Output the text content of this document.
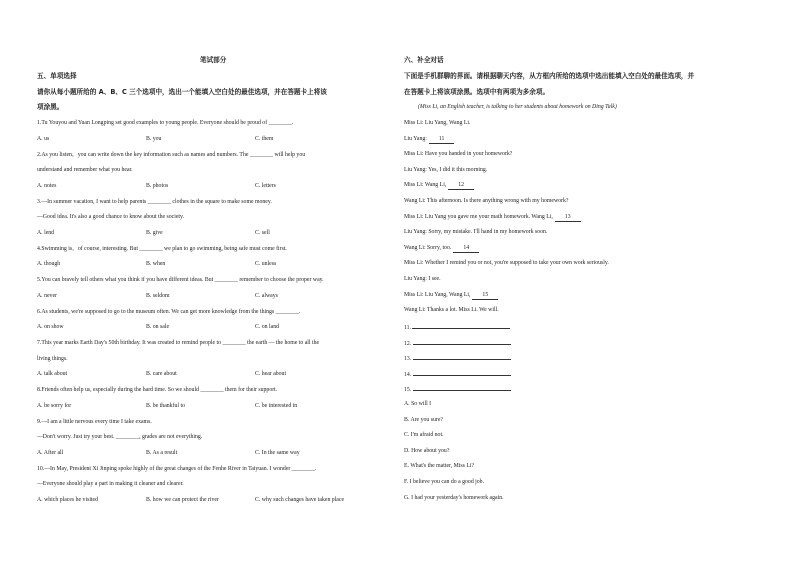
笔试部分
五、单项选择
请你从每小题所给的 A、B、C 三个选项中，选出一个能填入空白处的最佳选项，并在答题卡上将该
项涂黑。
1.Tu Youyou and Yuan Longping set good examples to young people. Everyone should be proud of ________.
A. us	B. you	C. them
2.As you listen，you can write down the key information such as names and numbers. The ________ will help you
understand and remember what you hear.
A. notes	B. photos	C. letters
3.—In summer vacation, I want to help parents ________ clothes in the square to make some money.
—Good idea. It's also a good chance to know about the society.
A. lend	B. give	C. sell
4.Swimming is，of course, interesting. But ________ we plan to go swimming, being safe must come first.
A. though	B. when	C. unless
5.You can bravely tell others what you think if you have different ideas. But ________ remember to choose the proper way.
A. never	B. seldom	C. always
6.As students, we're supposed to go to the museum often. We can get more knowledge from the things ________.
A. on show	B. on sale	C. on land
7.This year marks Earth Day's 50th birthday. It was created to remind people to ________ the earth — the home to all the
living things.
A. talk about	B. care about	C. hear about
8.Friends often help us, especially during the hard time. So we should ________ them for their support.
A. be sorry for	B. be thankful to	C. be interested in
9.—I am a little nervous every time I take exams.
—Don't worry. Just try your best. ________, grades are not everything.
A. After all	B. As a result	C. In the same way
10.—In May, President Xi Jinping spoke highly of the great changes of the Fenhe River in Taiyuan. I wonder ________.
—Everyone should play a part in making it cleaner and clearer.
A. which places he visited	B. how we can protect the river	C. why such changes have taken place
六、补全对话
下面是手机群聊的界面。请根据聊天内容，从方框内所给的选项中选出能填入空白处的最佳选项，并
在答题卡上将该项涂黑。选项中有两项为多余项。
(Miss Li, an English teacher, is talking to her students about homework on Ding Talk)
Miss Li: Liu Yang, Wang Li.
Liu Yang: 11
Miss Li: Have you handed in your homework?
Liu Yang: Yes, I did it this morning.
Miss Li: Wang Li, 12
Wang Li: This afternoon. Is there anything wrong with my homework?
Miss Li: Liu Yang you gave me your math homework. Wang Li, 13
Liu Yang: Sorry, my mistake. I'll hand in my homework soon.
Wang Li: Sorry, too. 14
Miss Li: Whether I remind you or not, you're supposed to take your own work seriously.
Liu Yang: I see.
Miss Li: Liu Yang, Wang Li, 15
Wang Li: Thanks a lot. Miss Li. We will.
11.
12.
13.
14.
15.
A. So will I
B. Are you sure?
C. I'm afraid not.
D. How about you?
E. What's the matter, Miss Li?
F. I believe you can do a good job.
G. I had your yesterday's homework again.
